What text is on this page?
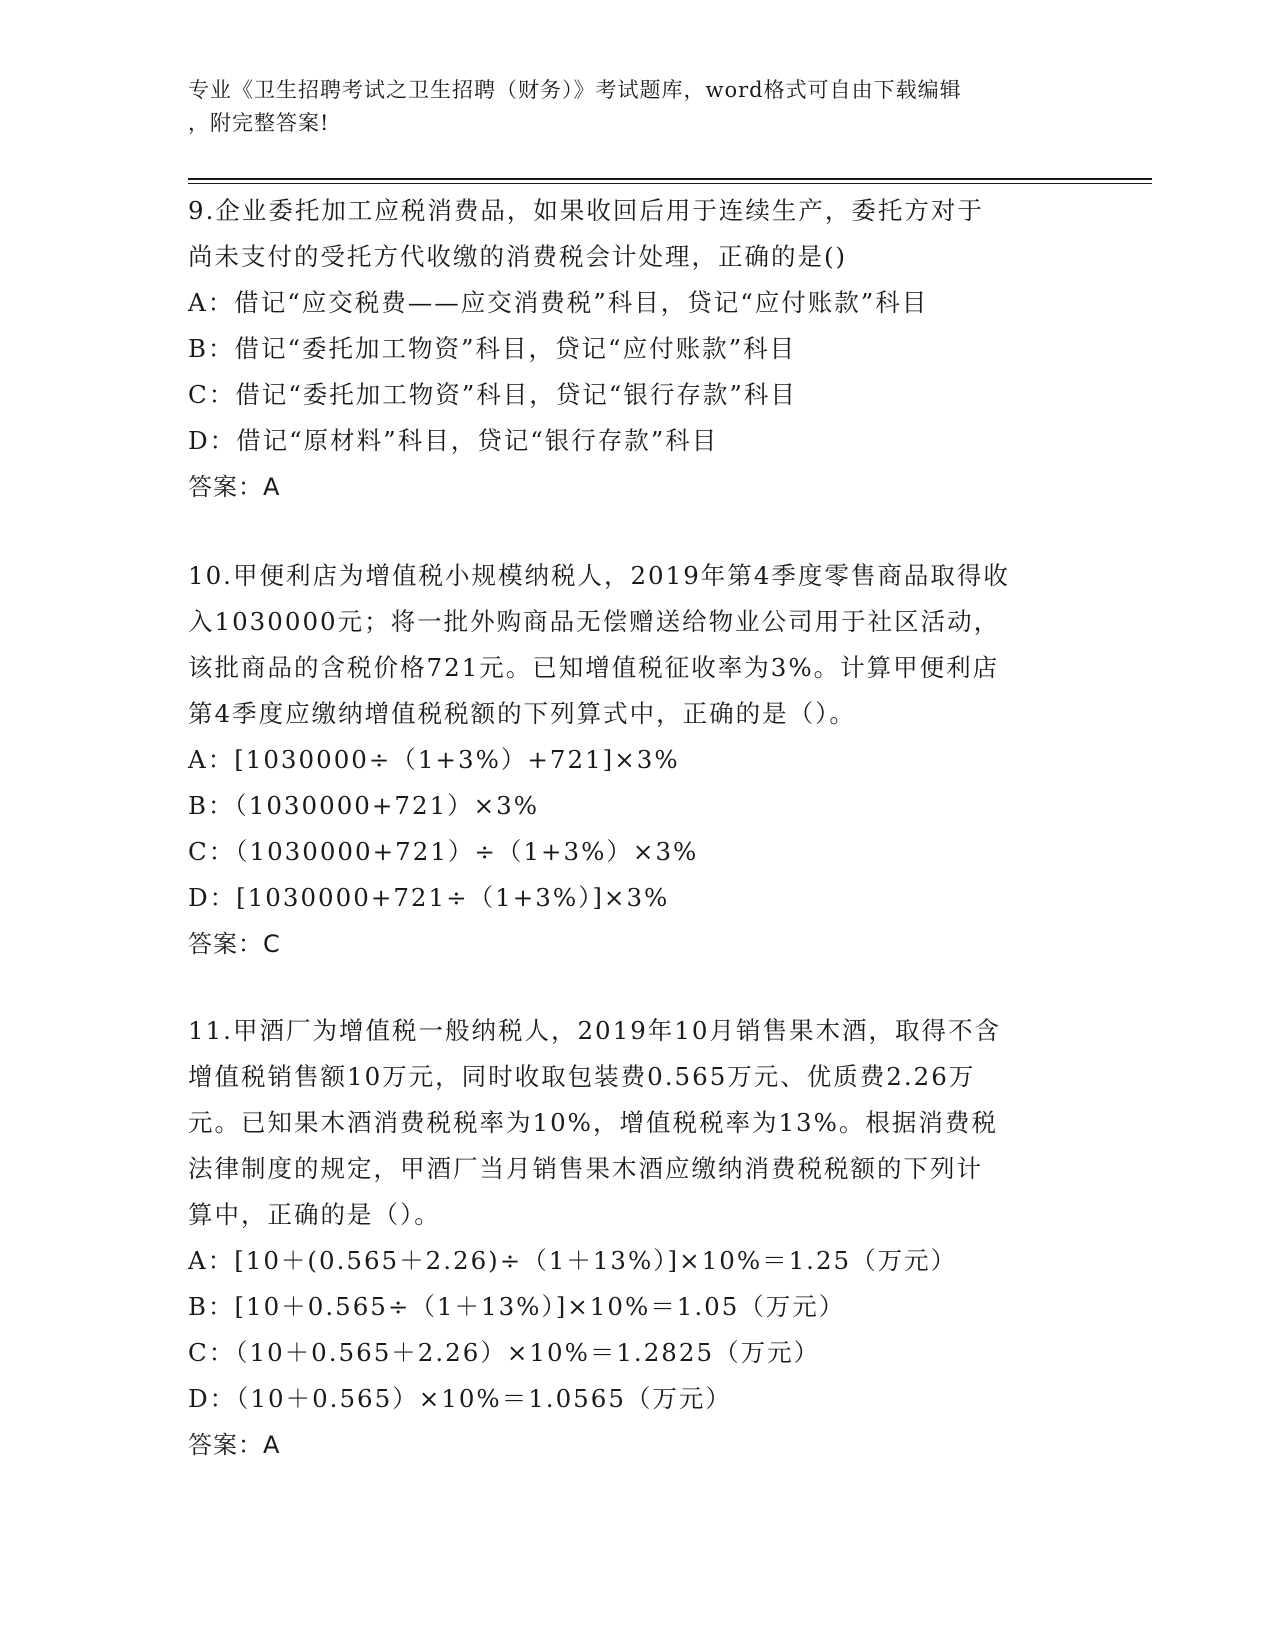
专业《卫生招聘考试之卫生招聘（财务）》考试题库，word格式可自由下载编辑
，附完整答案!
9.企业委托加工应税消费品，如果收回后用于连续生产，委托方对于
尚未支付的受托方代收缴的消费税会计处理，正确的是()
A：借记“应交税费——应交消费税”科目，贷记“应付账款”科目
B：借记“委托加工物资”科目，贷记“应付账款”科目
C：借记“委托加工物资”科目，贷记“银行存款”科目
D：借记“原材料”科目，贷记“银行存款”科目
答案：A
10.甲便利店为增值税小规模纳税人，2019年第4季度零售商品取得收
入1030000元；将一批外购商品无偿赠送给物业公司用于社区活动，
该批商品的含税价格721元。已知增值税征收率为3%。计算甲便利店
第4季度应缴纳增值税税额的下列算式中，正确的是（）。
A：[1030000÷（1+3%）+721]×3%
B：（1030000+721）×3%
C：（1030000+721）÷（1+3%）×3%
D：[1030000+721÷（1+3%）]×3%
答案：C
11.甲酒厂为增值税一般纳税人，2019年10月销售果木酒，取得不含
增值税销售额10万元，同时收取包装费0.565万元、优质费2.26万
元。已知果木酒消费税税率为10%，增值税税率为13%。根据消费税
法律制度的规定，甲酒厂当月销售果木酒应缴纳消费税税额的下列计
算中，正确的是（）。
A：[10＋(0.565＋2.26)÷（1＋13%）]×10%＝1.25（万元）
B：[10＋0.565÷（1＋13%）]×10%＝1.05（万元）
C：（10＋0.565＋2.26）×10%＝1.2825（万元）
D：（10＋0.565）×10%＝1.0565（万元）
答案：A
